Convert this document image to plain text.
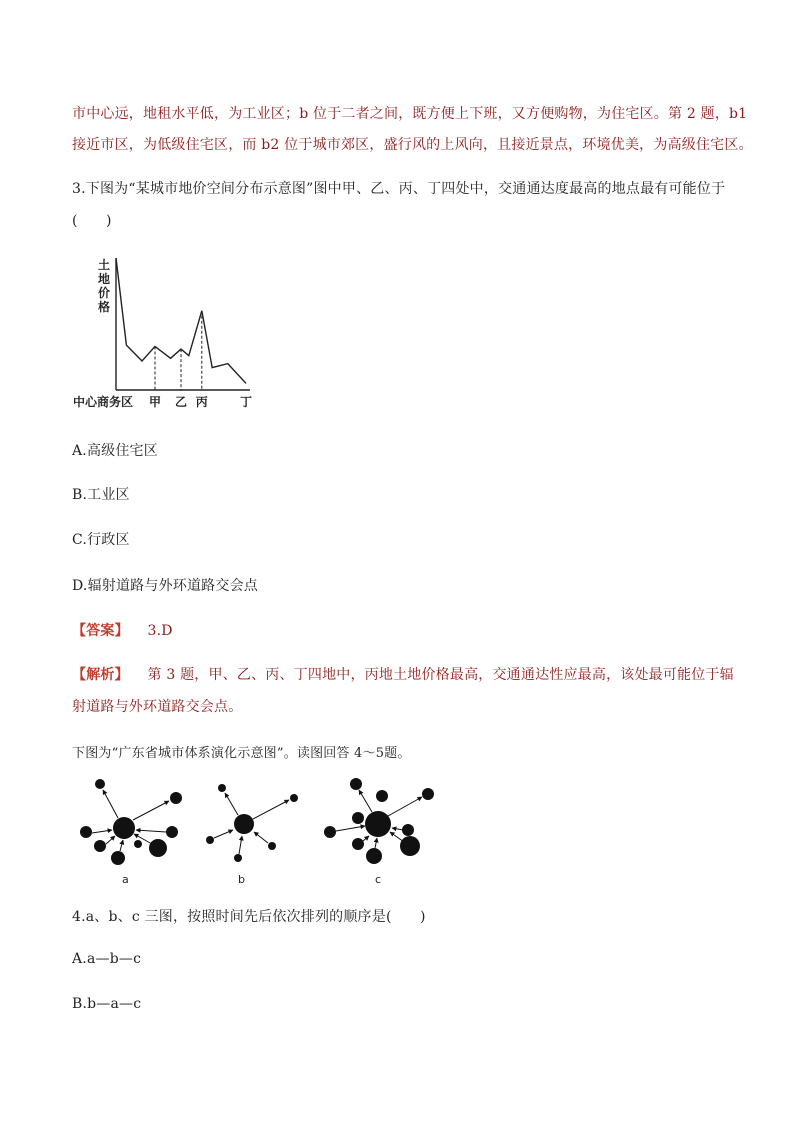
市中心远，地租水平低，为工业区；b 位于二者之间，既方便上下班，又方便购物，为住宅区。第 2 题，b1
接近市区，为低级住宅区，而 b2 位于城市郊区，盛行风的上风向，且接近景点，环境优美，为高级住宅区。
3.下图为“某城市地价空间分布示意图”图中甲、乙、丙、丁四处中，交通通达度最高的地点最有可能位于
(　　)
土
地
价
格
甲 乙 丙	丁
中心商务区
A.高级住宅区
B.工业区
C.行政区
D.辐射道路与外环道路交会点
【答案】 3.D
【解析】 第 3 题，甲、乙、丙、丁四地中，丙地土地价格最高，交通通达性应最高，该处最可能位于辐
射道路与外环道路交会点。
下图为“广东省城市体系演化示意图”。读图回答 4～5题。
a	b	c
4.a、b、c 三图，按照时间先后依次排列的顺序是(　　)
A.a—b—c
B.b—a—c
